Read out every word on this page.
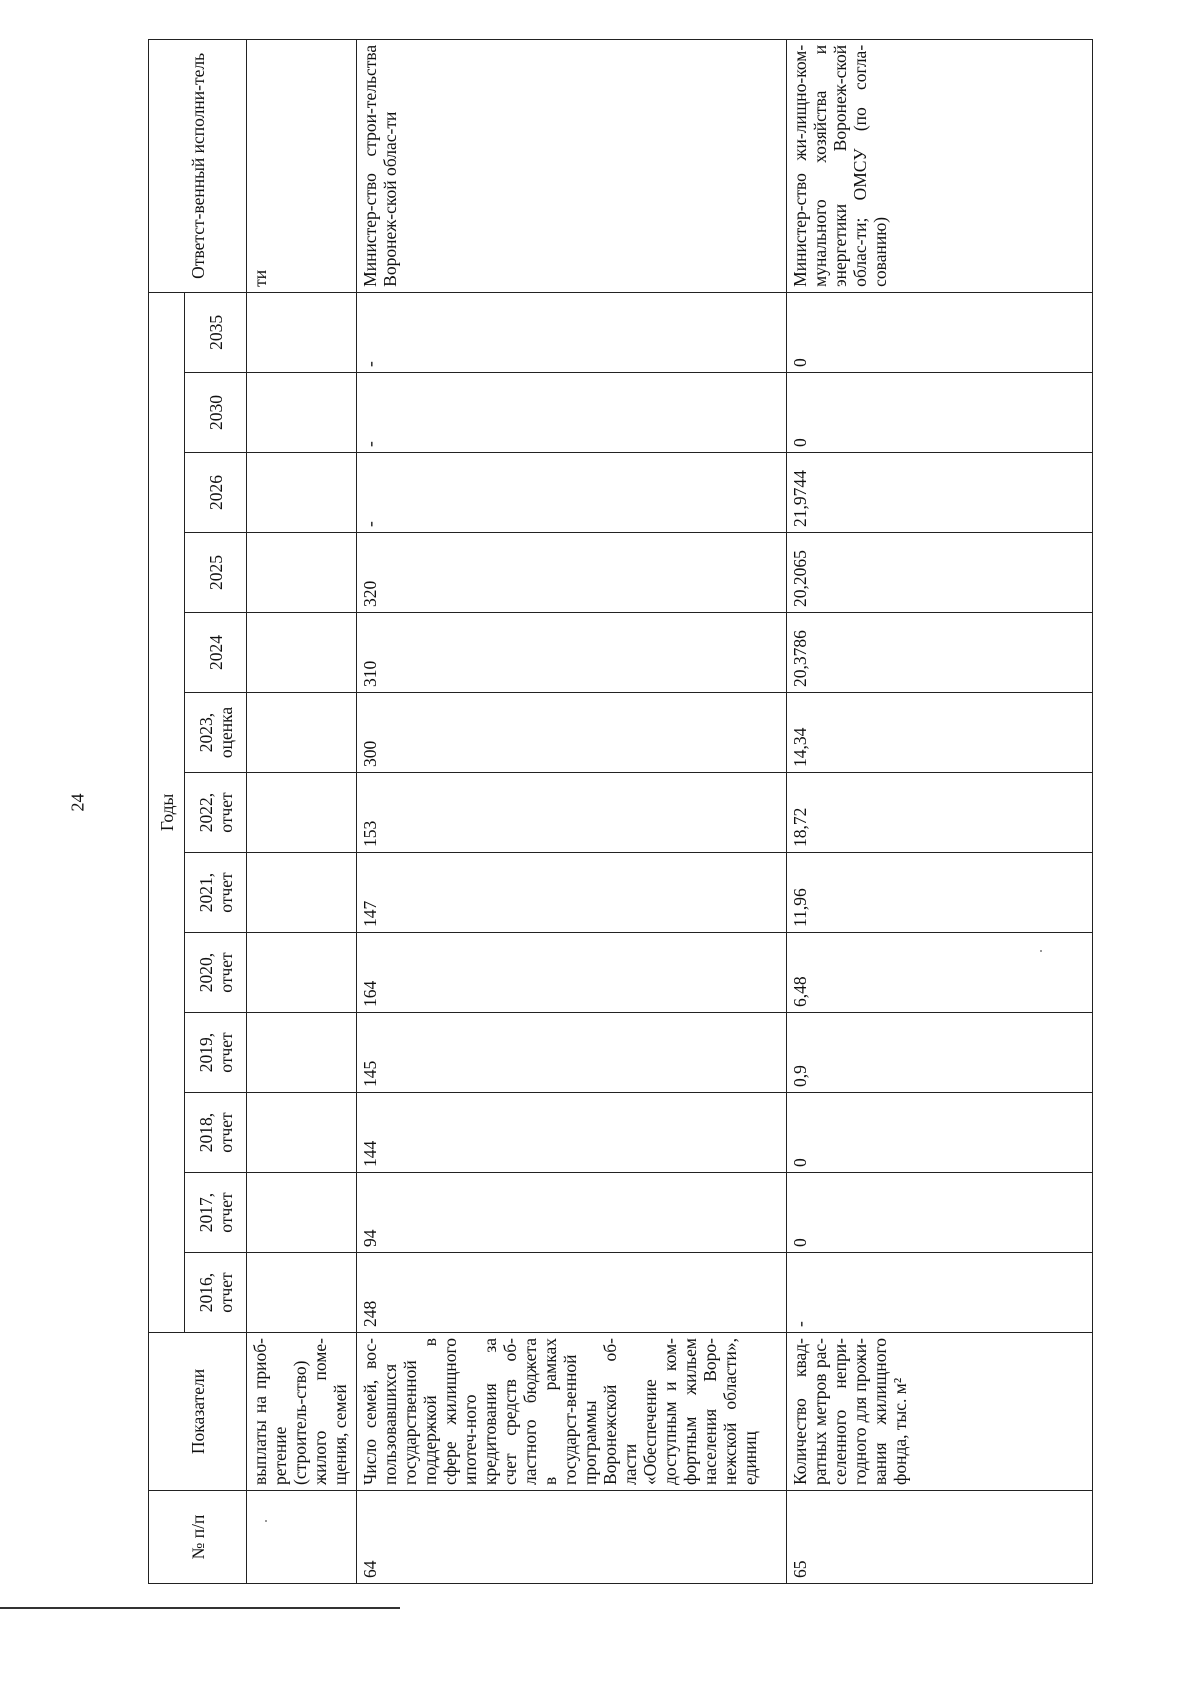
24
№ п/п	Показатели	Годы													Ответст-венный исполни-тель
		2016, отчет	2017, отчет	2018, отчет	2019, отчет	2020, отчет	2021, отчет	2022, отчет	2023, оценка	2024	2025	2026	2030	2035	
	выплаты на приоб-ретение (строитель-ство) жилого поме-щения, семей														ти
64	Число семей, вос-пользовавшихся государственной поддержкой в сфере жилищного ипотеч-ного кредитования за счет средств об-ластного бюджета в рамках государст-венной программы Воронежской об-ласти «Обеспечение доступным и ком-фортным жильем населения Воро-нежской области», единиц	248	94	144	145	164	147	153	300	310	320	-	-	-	Министер-ство строи-тельства Воронеж-ской облас-ти
65	Количество квад-ратных метров рас-селенного непри-годного для прожи-вания жилищного фонда, тыс. м²	-	0	0	0,9	6,48	11,96	18,72	14,34	20,3786	20,2065	21,9744	0	0	Министер-ство жи-лищно-ком-мунального хозяйства и энергетики Воронеж-ской облас-ти; ОМСУ (по согла-сованию)
